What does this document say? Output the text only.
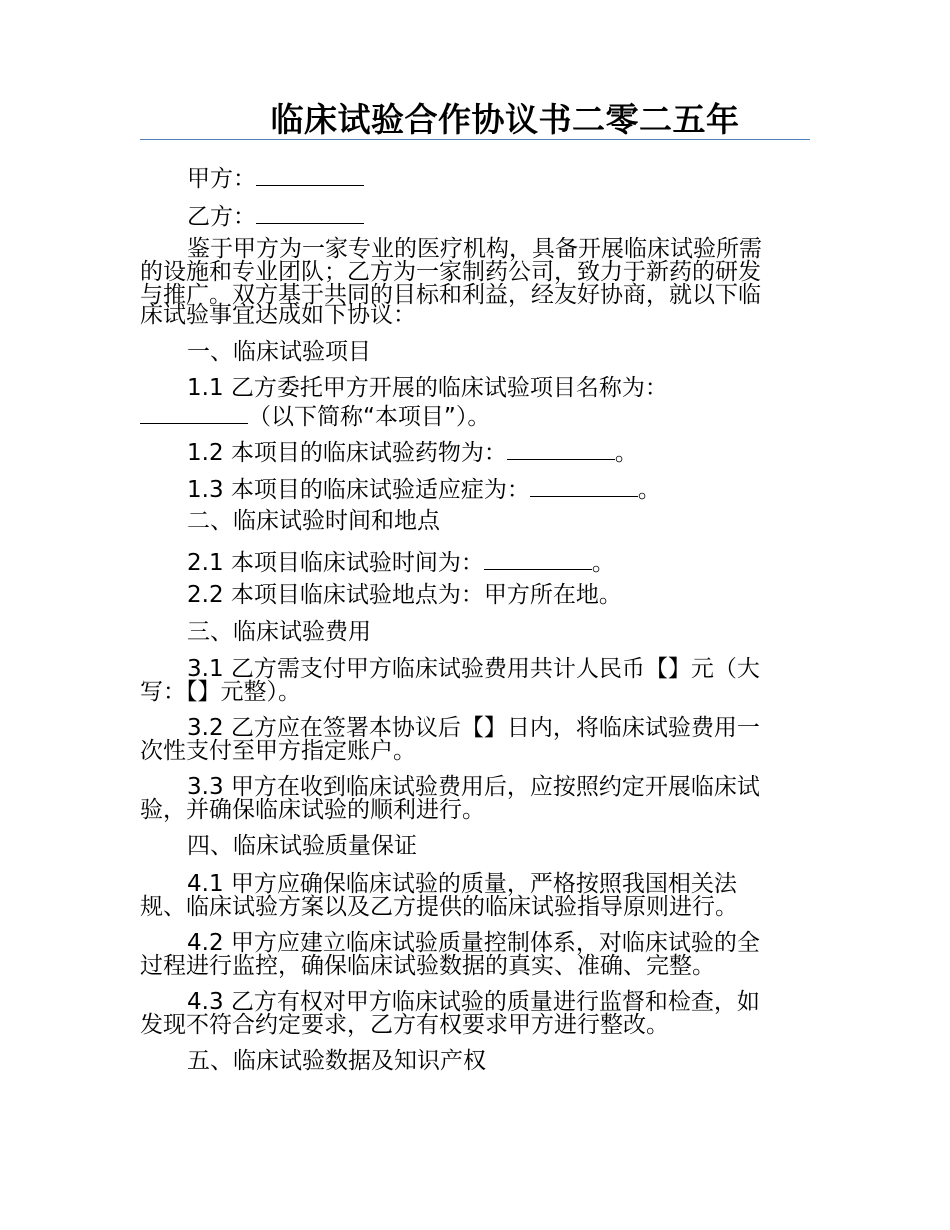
临床试验合作协议书二零二五年
甲方：
乙方：
鉴于甲方为一家专业的医疗机构，具备开展临床试验所需
的设施和专业团队；乙方为一家制药公司，致力于新药的研发
与推广。双方基于共同的目标和利益，经友好协商，就以下临
床试验事宜达成如下协议：
一、临床试验项目
1.1 乙方委托甲方开展的临床试验项目名称为：
（以下简称“本项目”）。
1.2 本项目的临床试验药物为：	。
1.3 本项目的临床试验适应症为：	。
二、临床试验时间和地点
2.1 本项目临床试验时间为：	。
2.2 本项目临床试验地点为：甲方所在地。
三、临床试验费用
3.1 乙方需支付甲方临床试验费用共计人民币【】元（大
写：【】元整）。
3.2 乙方应在签署本协议后【】日内，将临床试验费用一
次性支付至甲方指定账户。
3.3 甲方在收到临床试验费用后，应按照约定开展临床试
验，并确保临床试验的顺利进行。
四、临床试验质量保证
4.1 甲方应确保临床试验的质量，严格按照我国相关法
规、临床试验方案以及乙方提供的临床试验指导原则进行。
4.2 甲方应建立临床试验质量控制体系，对临床试验的全
过程进行监控，确保临床试验数据的真实、准确、完整。
4.3 乙方有权对甲方临床试验的质量进行监督和检查，如
发现不符合约定要求，乙方有权要求甲方进行整改。
五、临床试验数据及知识产权
